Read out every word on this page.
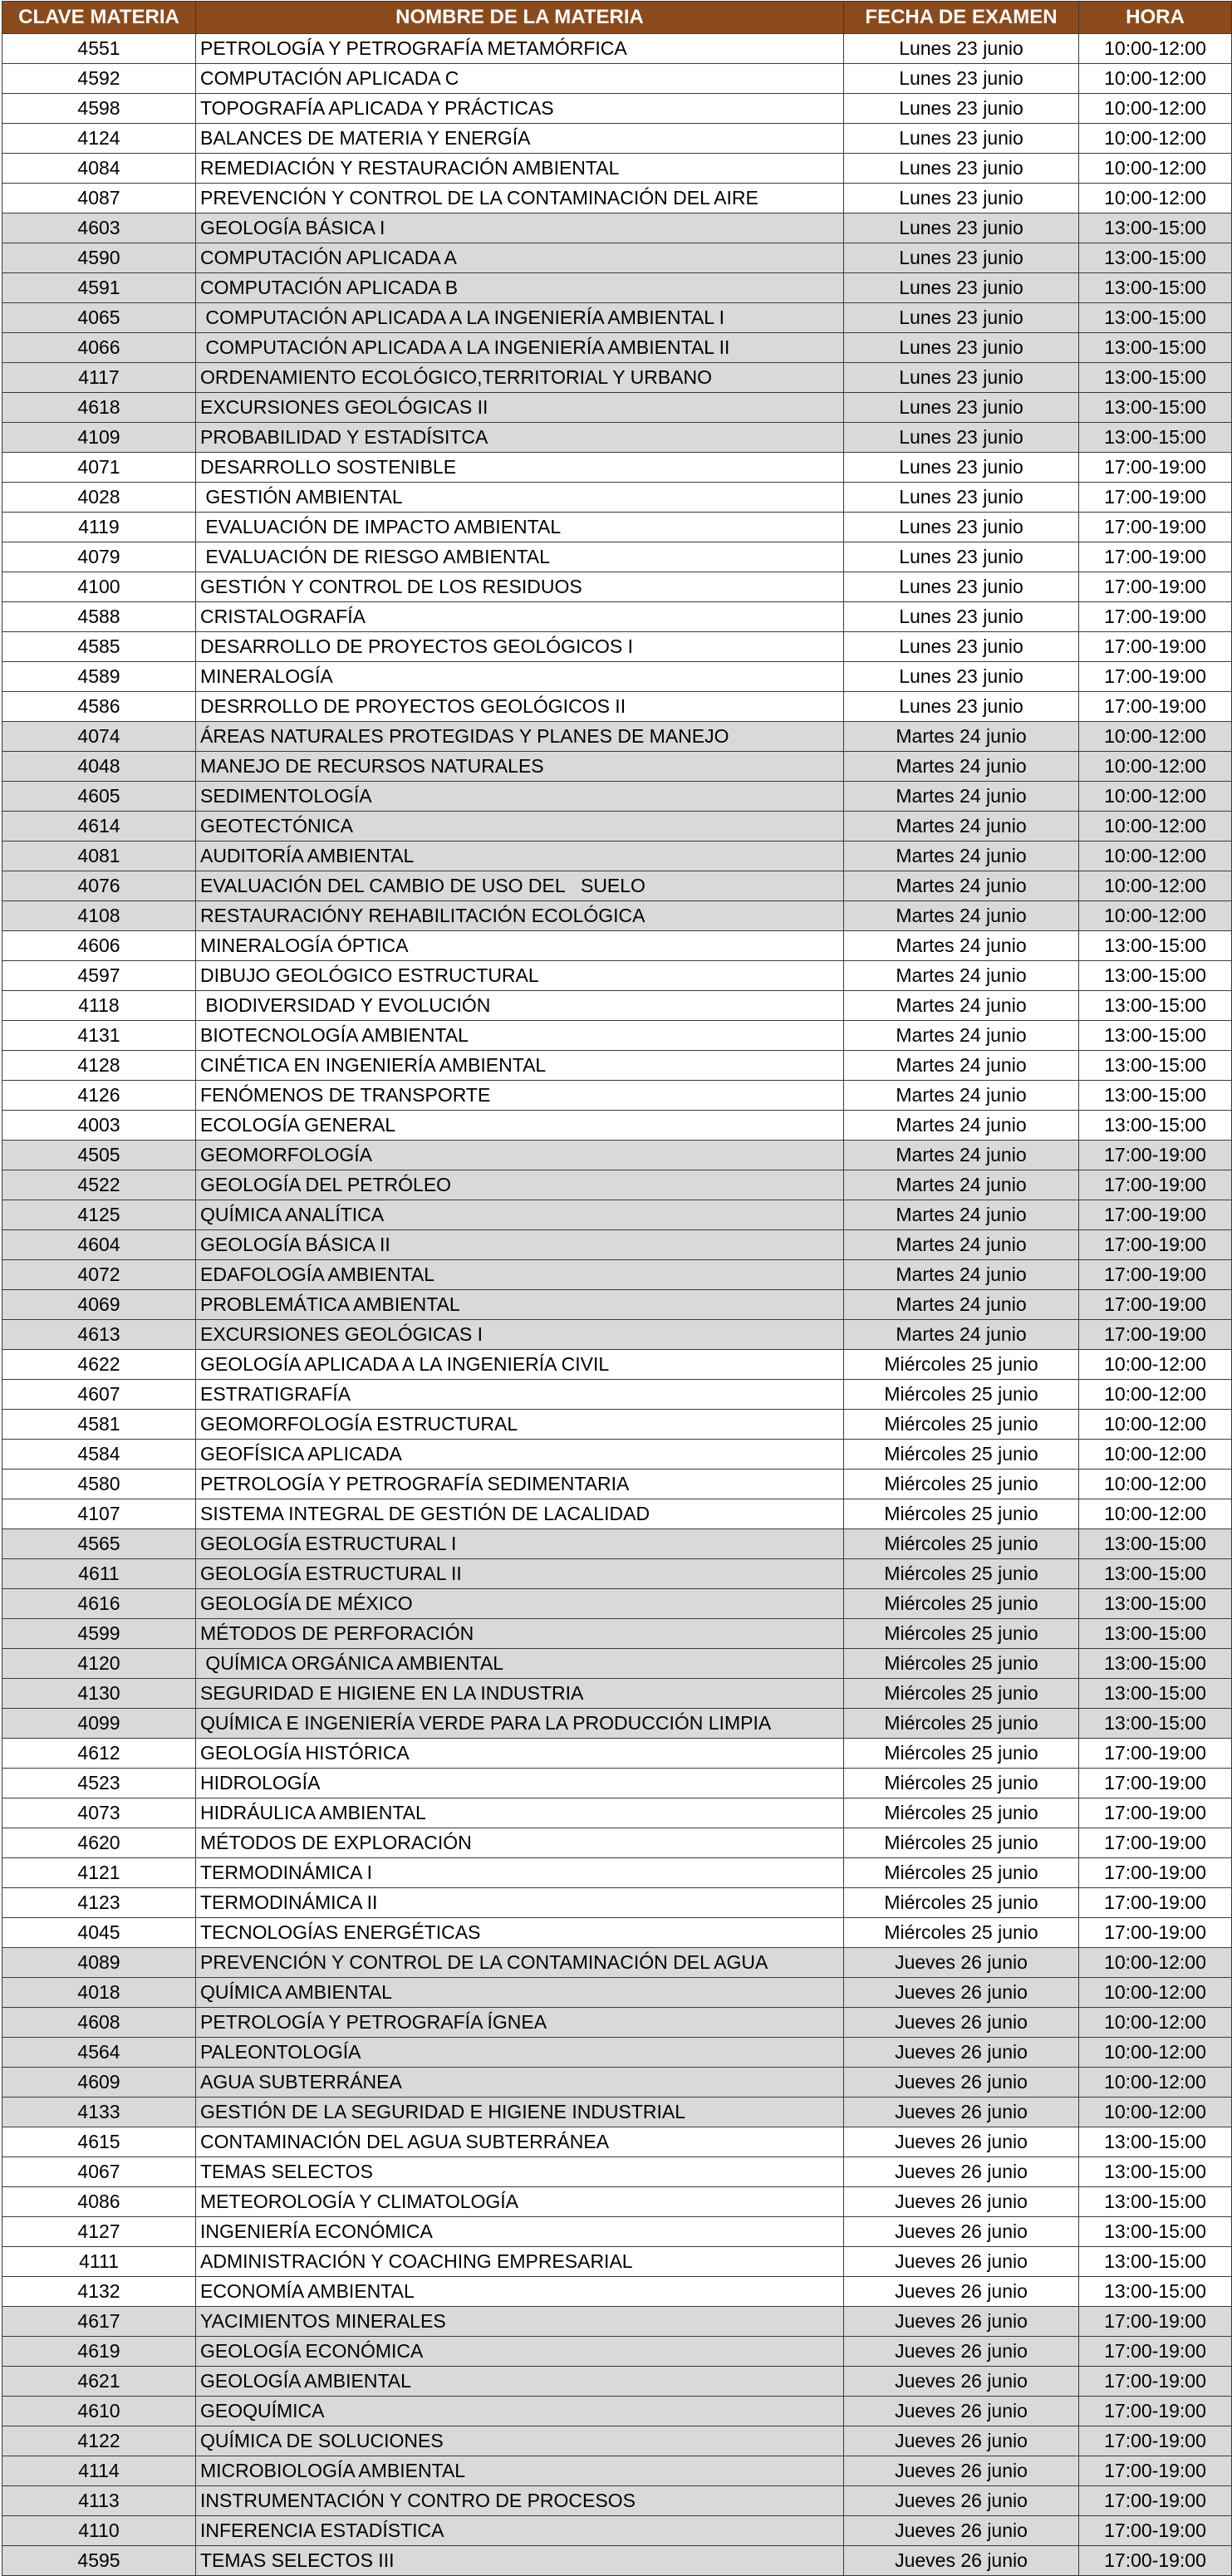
CLAVE MATERIA	NOMBRE DE LA MATERIA	FECHA DE EXAMEN	HORA
4551	PETROLOGÍA Y PETROGRAFÍA METAMÓRFICA	Lunes 23 junio	10:00-12:00
4592	COMPUTACIÓN APLICADA C	Lunes 23 junio	10:00-12:00
4598	TOPOGRAFÍA APLICADA Y PRÁCTICAS	Lunes 23 junio	10:00-12:00
4124	BALANCES DE MATERIA Y ENERGÍA	Lunes 23 junio	10:00-12:00
4084	REMEDIACIÓN Y RESTAURACIÓN AMBIENTAL	Lunes 23 junio	10:00-12:00
4087	PREVENCIÓN Y CONTROL DE LA CONTAMINACIÓN DEL AIRE	Lunes 23 junio	10:00-12:00
4603	GEOLOGÍA BÁSICA I	Lunes 23 junio	13:00-15:00
4590	COMPUTACIÓN APLICADA A	Lunes 23 junio	13:00-15:00
4591	COMPUTACIÓN APLICADA B	Lunes 23 junio	13:00-15:00
4065	COMPUTACIÓN APLICADA A LA INGENIERÍA AMBIENTAL I	Lunes 23 junio	13:00-15:00
4066	COMPUTACIÓN APLICADA A LA INGENIERÍA AMBIENTAL II	Lunes 23 junio	13:00-15:00
4117	ORDENAMIENTO ECOLÓGICO,TERRITORIAL Y URBANO	Lunes 23 junio	13:00-15:00
4618	EXCURSIONES GEOLÓGICAS II	Lunes 23 junio	13:00-15:00
4109	PROBABILIDAD Y ESTADÍSITCA	Lunes 23 junio	13:00-15:00
4071	DESARROLLO SOSTENIBLE	Lunes 23 junio	17:00-19:00
4028	GESTIÓN AMBIENTAL	Lunes 23 junio	17:00-19:00
4119	EVALUACIÓN DE IMPACTO AMBIENTAL	Lunes 23 junio	17:00-19:00
4079	EVALUACIÓN DE RIESGO AMBIENTAL	Lunes 23 junio	17:00-19:00
4100	GESTIÓN Y CONTROL DE LOS RESIDUOS	Lunes 23 junio	17:00-19:00
4588	CRISTALOGRAFÍA	Lunes 23 junio	17:00-19:00
4585	DESARROLLO DE PROYECTOS GEOLÓGICOS I	Lunes 23 junio	17:00-19:00
4589	MINERALOGÍA	Lunes 23 junio	17:00-19:00
4586	DESRROLLO DE PROYECTOS GEOLÓGICOS II	Lunes 23 junio	17:00-19:00
4074	ÁREAS NATURALES PROTEGIDAS Y PLANES DE MANEJO	Martes 24 junio	10:00-12:00
4048	MANEJO DE RECURSOS NATURALES	Martes 24 junio	10:00-12:00
4605	SEDIMENTOLOGÍA	Martes 24 junio	10:00-12:00
4614	GEOTECTÓNICA	Martes 24 junio	10:00-12:00
4081	AUDITORÍA AMBIENTAL	Martes 24 junio	10:00-12:00
4076	EVALUACIÓN DEL CAMBIO DE USO DEL   SUELO	Martes 24 junio	10:00-12:00
4108	RESTAURACIÓNY REHABILITACIÓN ECOLÓGICA	Martes 24 junio	10:00-12:00
4606	MINERALOGÍA ÓPTICA	Martes 24 junio	13:00-15:00
4597	DIBUJO GEOLÓGICO ESTRUCTURAL	Martes 24 junio	13:00-15:00
4118	BIODIVERSIDAD Y EVOLUCIÓN	Martes 24 junio	13:00-15:00
4131	BIOTECNOLOGÍA AMBIENTAL	Martes 24 junio	13:00-15:00
4128	CINÉTICA EN INGENIERÍA AMBIENTAL	Martes 24 junio	13:00-15:00
4126	FENÓMENOS DE TRANSPORTE	Martes 24 junio	13:00-15:00
4003	ECOLOGÍA GENERAL	Martes 24 junio	13:00-15:00
4505	GEOMORFOLOGÍA	Martes 24 junio	17:00-19:00
4522	GEOLOGÍA DEL PETRÓLEO	Martes 24 junio	17:00-19:00
4125	QUÍMICA ANALÍTICA	Martes 24 junio	17:00-19:00
4604	GEOLOGÍA BÁSICA II	Martes 24 junio	17:00-19:00
4072	EDAFOLOGÍA AMBIENTAL	Martes 24 junio	17:00-19:00
4069	PROBLEMÁTICA AMBIENTAL	Martes 24 junio	17:00-19:00
4613	EXCURSIONES GEOLÓGICAS I	Martes 24 junio	17:00-19:00
4622	GEOLOGÍA APLICADA A LA INGENIERÍA CIVIL	Miércoles 25 junio	10:00-12:00
4607	ESTRATIGRAFÍA	Miércoles 25 junio	10:00-12:00
4581	GEOMORFOLOGÍA ESTRUCTURAL	Miércoles 25 junio	10:00-12:00
4584	GEOFÍSICA APLICADA	Miércoles 25 junio	10:00-12:00
4580	PETROLOGÍA Y PETROGRAFÍA SEDIMENTARIA	Miércoles 25 junio	10:00-12:00
4107	SISTEMA INTEGRAL DE GESTIÓN DE LACALIDAD	Miércoles 25 junio	10:00-12:00
4565	GEOLOGÍA ESTRUCTURAL I	Miércoles 25 junio	13:00-15:00
4611	GEOLOGÍA ESTRUCTURAL II	Miércoles 25 junio	13:00-15:00
4616	GEOLOGÍA DE MÉXICO	Miércoles 25 junio	13:00-15:00
4599	MÉTODOS DE PERFORACIÓN	Miércoles 25 junio	13:00-15:00
4120	QUÍMICA ORGÁNICA AMBIENTAL	Miércoles 25 junio	13:00-15:00
4130	SEGURIDAD E HIGIENE EN LA INDUSTRIA	Miércoles 25 junio	13:00-15:00
4099	QUÍMICA E INGENIERÍA VERDE PARA LA PRODUCCIÓN LIMPIA	Miércoles 25 junio	13:00-15:00
4612	GEOLOGÍA HISTÓRICA	Miércoles 25 junio	17:00-19:00
4523	HIDROLOGÍA	Miércoles 25 junio	17:00-19:00
4073	HIDRÁULICA AMBIENTAL	Miércoles 25 junio	17:00-19:00
4620	MÉTODOS DE EXPLORACIÓN	Miércoles 25 junio	17:00-19:00
4121	TERMODINÁMICA I	Miércoles 25 junio	17:00-19:00
4123	TERMODINÁMICA II	Miércoles 25 junio	17:00-19:00
4045	TECNOLOGÍAS ENERGÉTICAS	Miércoles 25 junio	17:00-19:00
4089	PREVENCIÓN Y CONTROL DE LA CONTAMINACIÓN DEL AGUA	Jueves 26 junio	10:00-12:00
4018	QUÍMICA AMBIENTAL	Jueves 26 junio	10:00-12:00
4608	PETROLOGÍA Y PETROGRAFÍA ÍGNEA	Jueves 26 junio	10:00-12:00
4564	PALEONTOLOGÍA	Jueves 26 junio	10:00-12:00
4609	AGUA SUBTERRÁNEA	Jueves 26 junio	10:00-12:00
4133	GESTIÓN DE LA SEGURIDAD E HIGIENE INDUSTRIAL	Jueves 26 junio	10:00-12:00
4615	CONTAMINACIÓN DEL AGUA SUBTERRÁNEA	Jueves 26 junio	13:00-15:00
4067	TEMAS SELECTOS	Jueves 26 junio	13:00-15:00
4086	METEOROLOGÍA Y CLIMATOLOGÍA	Jueves 26 junio	13:00-15:00
4127	INGENIERÍA ECONÓMICA	Jueves 26 junio	13:00-15:00
4111	ADMINISTRACIÓN Y COACHING EMPRESARIAL	Jueves 26 junio	13:00-15:00
4132	ECONOMÍA AMBIENTAL	Jueves 26 junio	13:00-15:00
4617	YACIMIENTOS MINERALES	Jueves 26 junio	17:00-19:00
4619	GEOLOGÍA ECONÓMICA	Jueves 26 junio	17:00-19:00
4621	GEOLOGÍA AMBIENTAL	Jueves 26 junio	17:00-19:00
4610	GEOQUÍMICA	Jueves 26 junio	17:00-19:00
4122	QUÍMICA DE SOLUCIONES	Jueves 26 junio	17:00-19:00
4114	MICROBIOLOGÍA AMBIENTAL	Jueves 26 junio	17:00-19:00
4113	INSTRUMENTACIÓN Y CONTRO DE PROCESOS	Jueves 26 junio	17:00-19:00
4110	INFERENCIA ESTADÍSTICA	Jueves 26 junio	17:00-19:00
4595	TEMAS SELECTOS III	Jueves 26 junio	17:00-19:00
